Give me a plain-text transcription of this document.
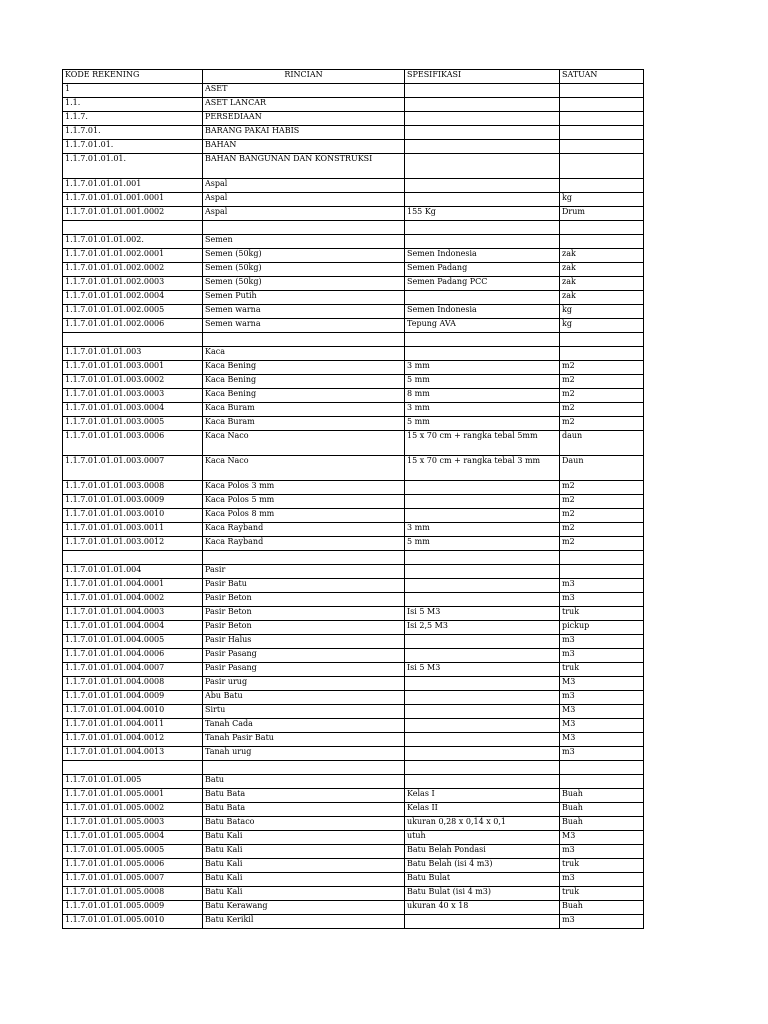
KODE REKENING	RINCIAN	SPESIFIKASI	SATUAN
1	ASET		
1.1.	ASET LANCAR		
1.1.7.	PERSEDIAAN		
1.1.7.01.	BARANG PAKAI HABIS		
1.1.7.01.01.	BAHAN		
1.1.7.01.01.01.	BAHAN BANGUNAN DAN KONSTRUKSI		
1.1.7.01.01.01.001	Aspal		
1.1.7.01.01.01.001.0001	Aspal		kg
1.1.7.01.01.01.001.0002	Aspal	155 Kg	Drum

1.1.7.01.01.01.002.	Semen		
1.1.7.01.01.01.002.0001	Semen (50kg)	Semen Indonesia	zak
1.1.7.01.01.01.002.0002	Semen (50kg)	Semen Padang	zak
1.1.7.01.01.01.002.0003	Semen (50kg)	Semen Padang PCC	zak
1.1.7.01.01.01.002.0004	Semen Putih		zak
1.1.7.01.01.01.002.0005	Semen warna	Semen Indonesia	kg
1.1.7.01.01.01.002.0006	Semen warna	Tepung AVA	kg

1.1.7.01.01.01.003	Kaca		
1.1.7.01.01.01.003.0001	Kaca Bening	3 mm	m2
1.1.7.01.01.01.003.0002	Kaca Bening	5 mm	m2
1.1.7.01.01.01.003.0003	Kaca Bening	8 mm	m2
1.1.7.01.01.01.003.0004	Kaca Buram	3 mm	m2
1.1.7.01.01.01.003.0005	Kaca Buram	5 mm	m2
1.1.7.01.01.01.003.0006	Kaca Naco	15 x 70 cm + rangka tebal 5mm	daun
1.1.7.01.01.01.003.0007	Kaca Naco	15 x 70 cm + rangka tebal 3 mm	Daun
1.1.7.01.01.01.003.0008	Kaca Polos 3 mm		m2
1.1.7.01.01.01.003.0009	Kaca Polos 5 mm		m2
1.1.7.01.01.01.003.0010	Kaca Polos 8 mm		m2
1.1.7.01.01.01.003.0011	Kaca Rayband	3 mm	m2
1.1.7.01.01.01.003.0012	Kaca Rayband	5 mm	m2

1.1.7.01.01.01.004	Pasir		
1.1.7.01.01.01.004.0001	Pasir Batu		m3
1.1.7.01.01.01.004.0002	Pasir Beton		m3
1.1.7.01.01.01.004.0003	Pasir Beton	Isi 5 M3	truk
1.1.7.01.01.01.004.0004	Pasir Beton	Isi 2,5 M3	pickup
1.1.7.01.01.01.004.0005	Pasir Halus		m3
1.1.7.01.01.01.004.0006	Pasir Pasang		m3
1.1.7.01.01.01.004.0007	Pasir Pasang	Isi 5 M3	truk
1.1.7.01.01.01.004.0008	Pasir urug		M3
1.1.7.01.01.01.004.0009	Abu Batu		m3
1.1.7.01.01.01.004.0010	Sirtu		M3
1.1.7.01.01.01.004.0011	Tanah Cada		M3
1.1.7.01.01.01.004.0012	Tanah Pasir Batu		M3
1.1.7.01.01.01.004.0013	Tanah urug		m3

1.1.7.01.01.01.005	Batu		
1.1.7.01.01.01.005.0001	Batu Bata	Kelas I	Buah
1.1.7.01.01.01.005.0002	Batu Bata	Kelas II	Buah
1.1.7.01.01.01.005.0003	Batu Bataco	ukuran 0,28 x 0,14 x 0,1	Buah
1.1.7.01.01.01.005.0004	Batu Kali	utuh	M3
1.1.7.01.01.01.005.0005	Batu Kali	Batu Belah Pondasi	m3
1.1.7.01.01.01.005.0006	Batu Kali	Batu Belah (isi 4 m3)	truk
1.1.7.01.01.01.005.0007	Batu Kali	Batu Bulat	m3
1.1.7.01.01.01.005.0008	Batu Kali	Batu Bulat (isi 4 m3)	truk
1.1.7.01.01.01.005.0009	Batu Kerawang	ukuran 40 x 18	Buah
1.1.7.01.01.01.005.0010	Batu Kerikil		m3
